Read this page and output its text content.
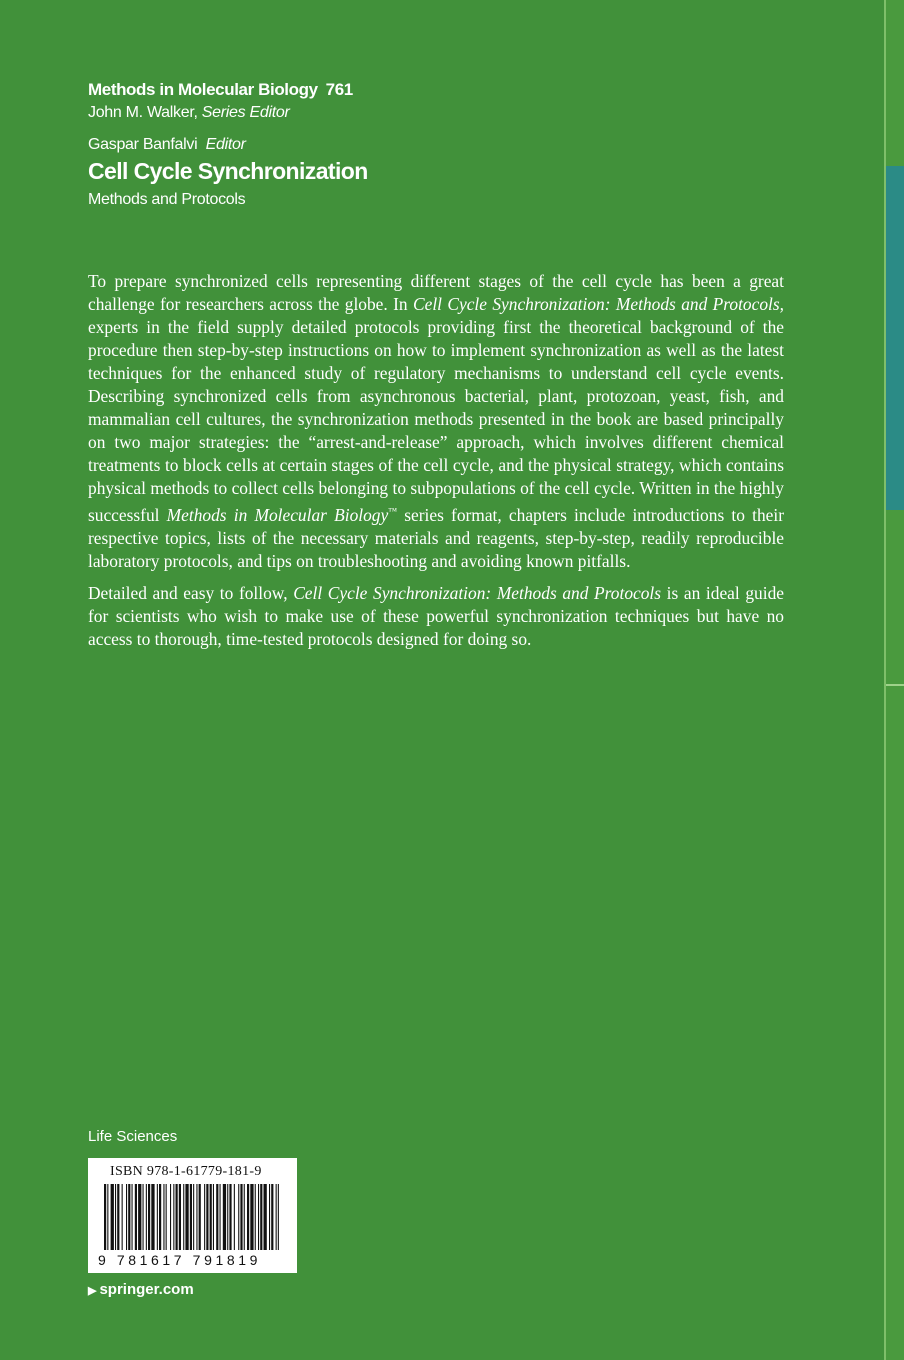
Methods in Molecular Biology 761
John M. Walker, Series Editor
Gaspar Banfalvi Editor
Cell Cycle Synchronization
Methods and Protocols

To prepare synchronized cells representing different stages of the cell cycle has been a great challenge for researchers across the globe. In Cell Cycle Synchronization: Methods and Protocols, experts in the field supply detailed protocols providing first the theoretical background of the procedure then step-by-step instructions on how to implement synchronization as well as the latest techniques for the enhanced study of regulatory mechanisms to understand cell cycle events. Describing synchronized cells from asynchronous bacterial, plant, protozoan, yeast, fish, and mammalian cell cultures, the synchronization methods presented in the book are based principally on two major strategies: the “arrest-and-release” approach, which involves different chemical treatments to block cells at certain stages of the cell cycle, and the physical strategy, which contains physical methods to collect cells belonging to subpopulations of the cell cycle. Written in the highly successful Methods in Molecular Biology™ series format, chapters include introductions to their respective topics, lists of the necessary materials and reagents, step-by-step, readily reproducible laboratory protocols, and tips on troubleshooting and avoiding known pitfalls.

Detailed and easy to follow, Cell Cycle Synchronization: Methods and Protocols is an ideal guide for scientists who wish to make use of these powerful synchronization techniques but have no access to thorough, time-tested protocols designed for doing so.

Life Sciences
ISBN 978-1-61779-181-9
9 781617 791819
▶ springer.com
